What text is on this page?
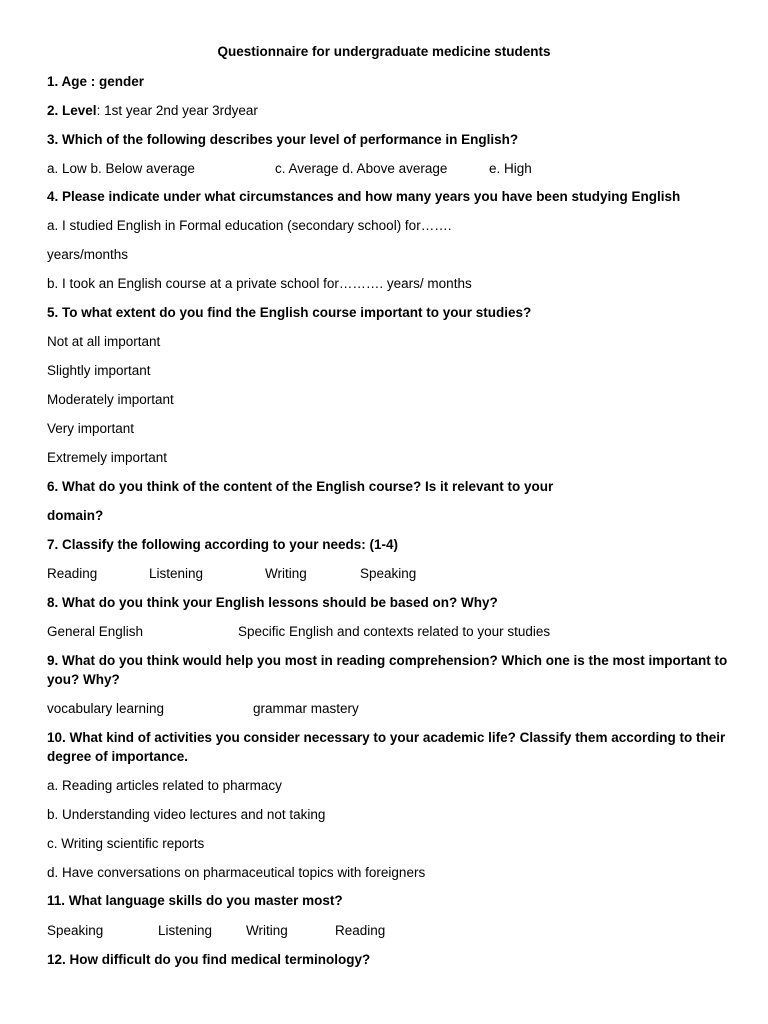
Questionnaire for undergraduate medicine students
1. Age : gender
2. Level: 1st year 2nd year 3rdyear
3. Which of the following describes your level of performance in English?
a. Low b. Below average	c. Average d. Above average	e. High
4. Please indicate under what circumstances and how many years you have been studying English
a. I studied English in Formal education (secondary school) for…….
years/months
b. I took an English course at a private school for………. years/ months
5. To what extent do you find the English course important to your studies?
Not at all important
Slightly important
Moderately important
Very important
Extremely important
6. What do you think of the content of the English course? Is it relevant to your
domain?
7. Classify the following according to your needs: (1-4)
Reading	Listening	Writing	Speaking
8. What do you think your English lessons should be based on? Why?
General English	Specific English and contexts related to your studies
9. What do you think would help you most in reading comprehension? Which one is the most important to you? Why?
vocabulary learning	grammar mastery
10. What kind of activities you consider necessary to your academic life? Classify them according to their degree of importance.
a. Reading articles related to pharmacy
b. Understanding video lectures and not taking
c. Writing scientific reports
d. Have conversations on pharmaceutical topics with foreigners
11. What language skills do you master most?
Speaking	Listening	Writing	Reading
12. How difficult do you find medical terminology?
